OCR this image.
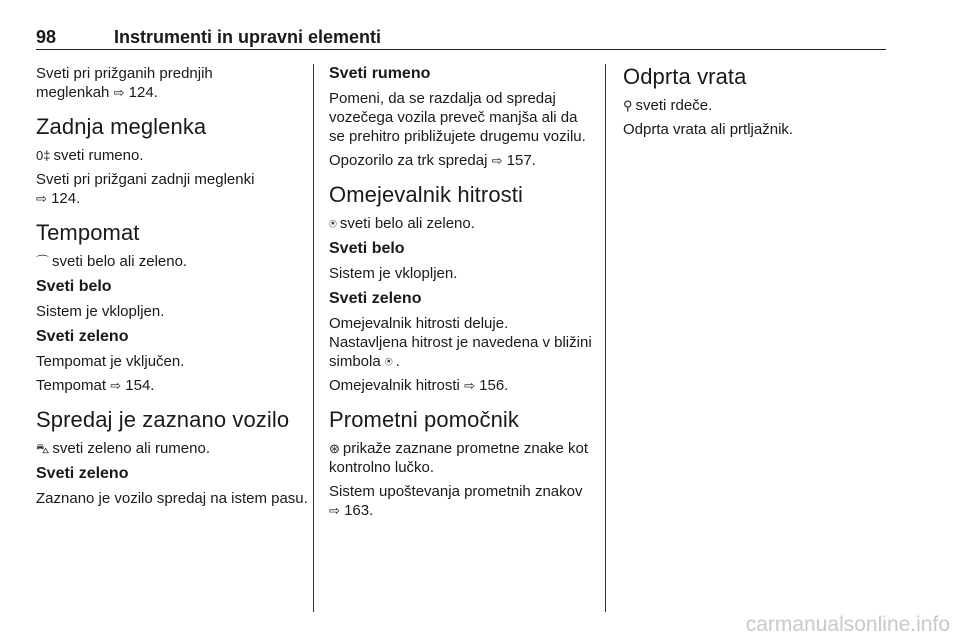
98	Instrumenti in upravni elementi

Sveti pri prižganih prednjih
meglenkah ⇨ 124.

Zadnja meglenka

0‡ sveti rumeno.

Sveti pri prižgani zadnji meglenki
⇨ 124.

Tempomat

⌒ sveti belo ali zeleno.

Sveti belo

Sistem je vklopljen.

Sveti zeleno

Tempomat je vključen.

Tempomat ⇨ 154.

Spredaj je zaznano vozilo

⛍ sveti zeleno ali rumeno.

Sveti zeleno

Zaznano je vozilo spredaj na istem pasu.

Sveti rumeno

Pomeni, da se razdalja od spredaj vozečega vozila preveč manjša ali da se prehitro približujete drugemu vozilu.

Opozorilo za trk spredaj ⇨ 157.

Omejevalnik hitrosti

⍟ sveti belo ali zeleno.

Sveti belo

Sistem je vklopljen.

Sveti zeleno

Omejevalnik hitrosti deluje.
Nastavljena hitrost je navedena v bližini simbola ⍟ .

Omejevalnik hitrosti ⇨ 156.

Prometni pomočnik

⊛ prikaže zaznane prometne znake kot kontrolno lučko.

Sistem upoštevanja prometnih znakov ⇨ 163.

Odprta vrata

⚲ sveti rdeče.

Odprta vrata ali prtljažnik.

carmanualsonline.info
